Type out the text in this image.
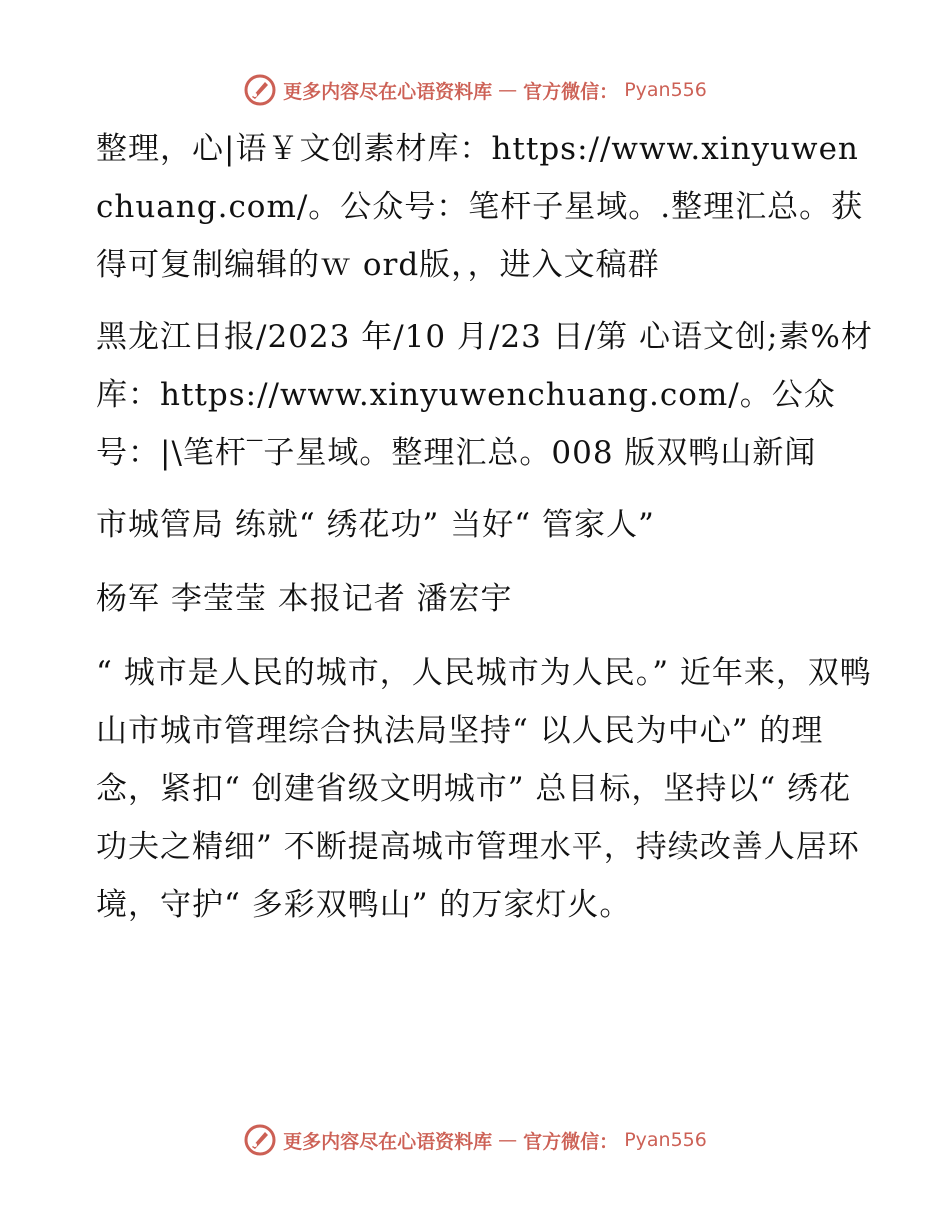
更多内容尽在心语资料库 — 官方微信： Pyan556

整理，心|语￥文创素材库：https://www.xinyuwenchuang.com/。公众号：笔杆子星域。.整理汇总。获得可复制编辑的ｗ ord版，，进入文稿群

黑龙江日报/2023 年/10 月/23 日/第 心语文创;素%材库：https://www.xinyuwenchuang.com/。公众号：|\笔杆‾子星域。整理汇总。008 版双鸭山新闻

市城管局 练就“ 绣花功” 当好“ 管家人”

杨军 李莹莹 本报记者 潘宏宇

“ 城市是人民的城市，人民城市为人民。” 近年来，双鸭山市城市管理综合执法局坚持“ 以人民为中心” 的理念，紧扣“ 创建省级文明城市” 总目标，坚持以“ 绣花功夫之精细” 不断提高城市管理水平，持续改善人居环境，守护“ 多彩双鸭山” 的万家灯火。

更多内容尽在心语资料库 — 官方微信： Pyan556
